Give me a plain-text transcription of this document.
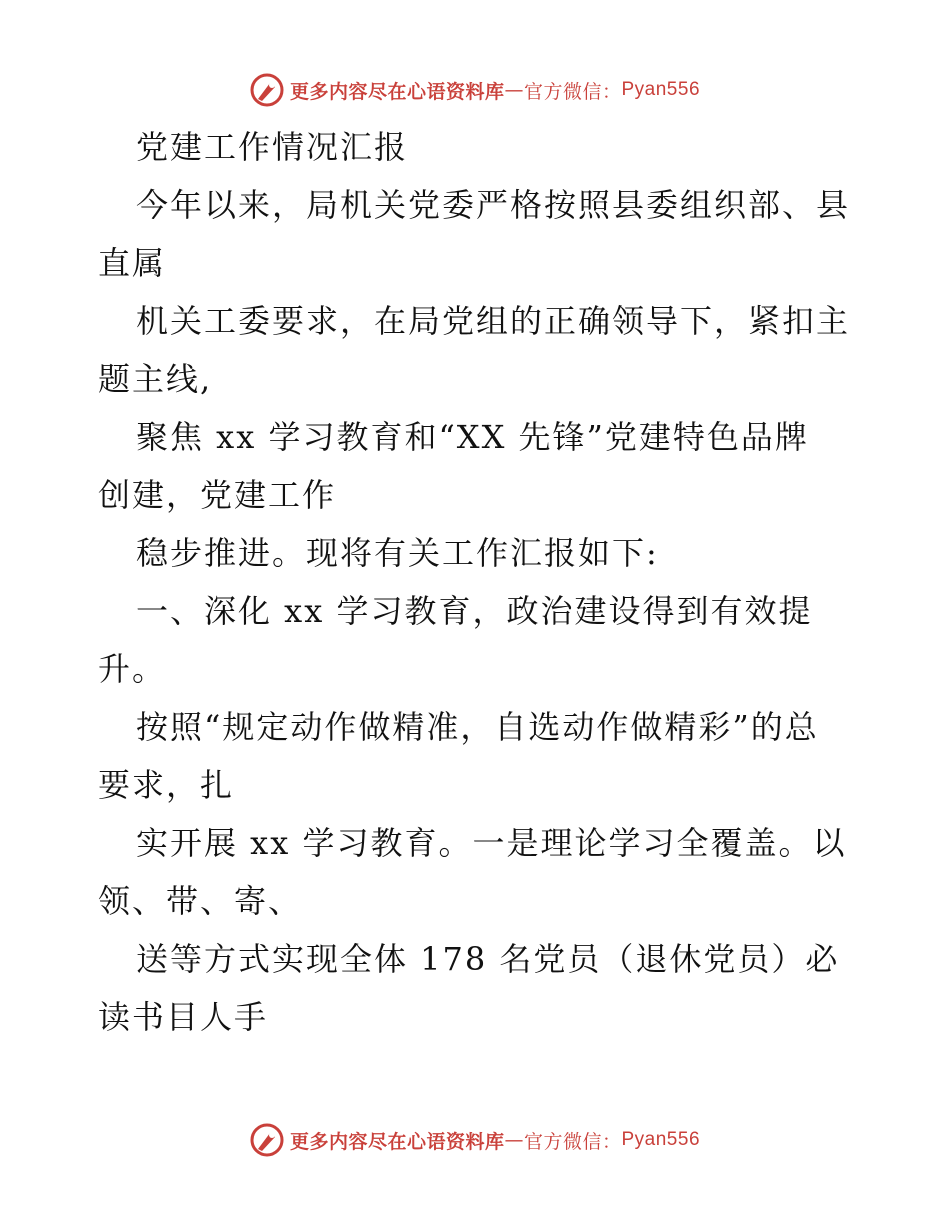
更多内容尽在心语资料库 — 官方微信： Pyan556

党建工作情况汇报

今年以来，局机关党委严格按照县委组织部、县

直属

机关工委要求，在局党组的正确领导下，紧扣主

题主线,

聚焦 xx 学习教育和“XX 先锋”党建特色品牌

创建，党建工作

稳步推进。现将有关工作汇报如下:

一、深化 xx 学习教育，政治建设得到有效提

升。

按照“规定动作做精准，自选动作做精彩”的总

要求，扎

实开展 xx 学习教育。一是理论学习全覆盖。以

领、带、寄、

送等方式实现全体 178 名党员（退休党员）必

读书目人手

更多内容尽在心语资料库 — 官方微信： Pyan556
